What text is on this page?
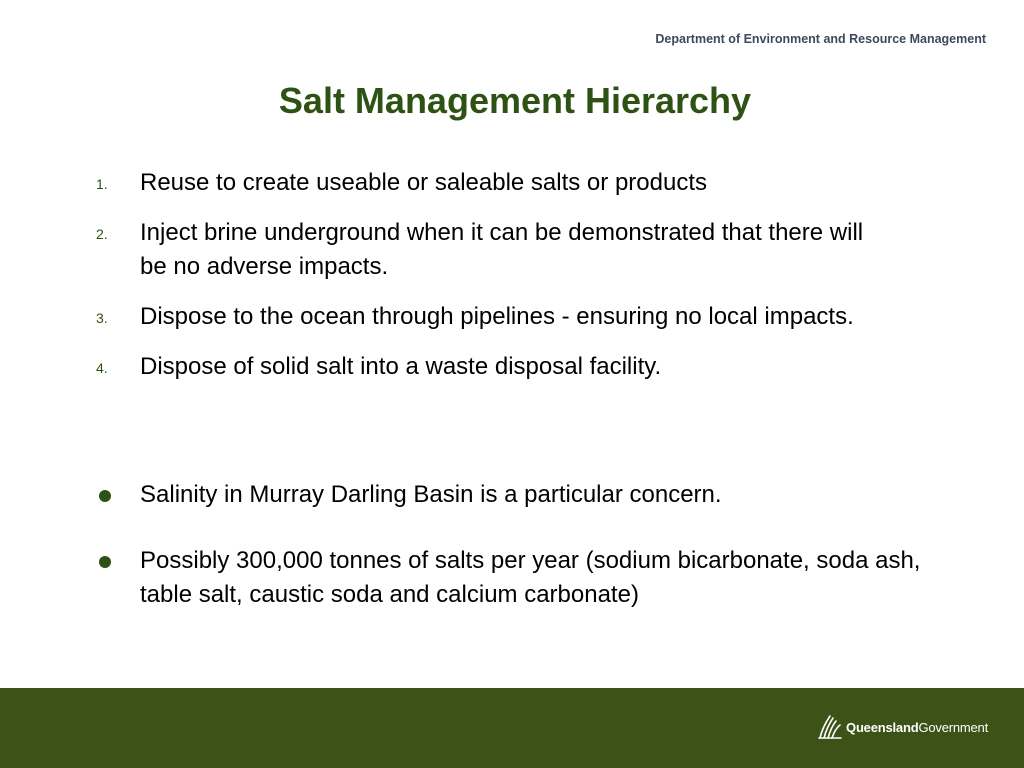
Department of Environment and Resource Management
Salt Management Hierarchy
1. Reuse to create useable or saleable salts or products
2. Inject brine underground when it can be demonstrated that there will be no adverse impacts.
3. Dispose to the ocean through pipelines - ensuring no local impacts.
4. Dispose of solid salt into a waste disposal facility.
Salinity in Murray Darling Basin is a particular concern.
Possibly 300,000 tonnes of salts per year (sodium bicarbonate, soda ash, table salt, caustic soda and calcium carbonate)
Queensland Government
